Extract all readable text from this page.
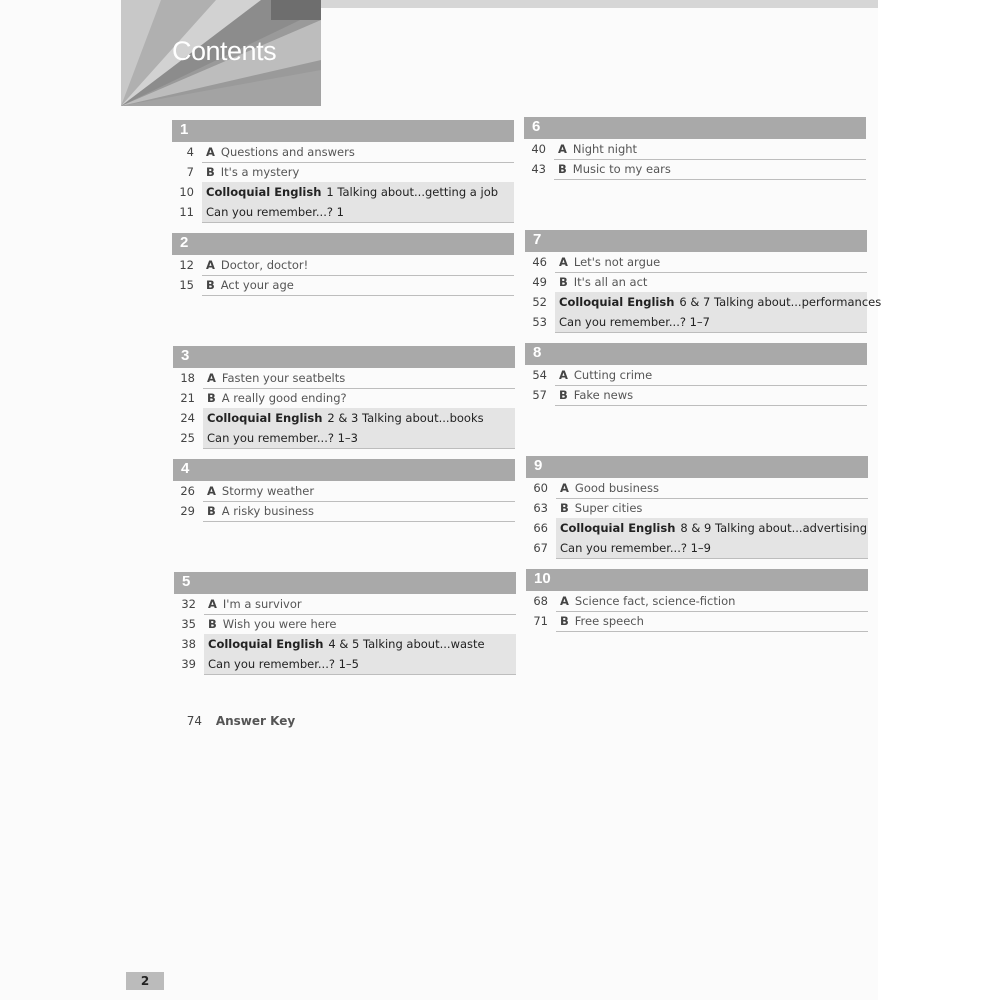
Contents
1
4	A Questions and answers
7	B It's a mystery
10	Colloquial English 1 Talking about...getting a job
11	Can you remember...? 1
2
12	A Doctor, doctor!
15	B Act your age
3
18	A Fasten your seatbelts
21	B A really good ending?
24	Colloquial English 2 & 3 Talking about...books
25	Can you remember...? 1–3
4
26	A Stormy weather
29	B A risky business
5
32	A I'm a survivor
35	B Wish you were here
38	Colloquial English 4 & 5 Talking about...waste
39	Can you remember...? 1–5
6
40	A Night night
43	B Music to my ears
7
46	A Let's not argue
49	B It's all an act
52	Colloquial English 6 & 7 Talking about...performances
53	Can you remember...? 1–7
8
54	A Cutting crime
57	B Fake news
9
60	A Good business
63	B Super cities
66	Colloquial English 8 & 9 Talking about...advertising
67	Can you remember...? 1–9
10
68	A Science fact, science-fiction
71	B Free speech
74 Answer Key
2
